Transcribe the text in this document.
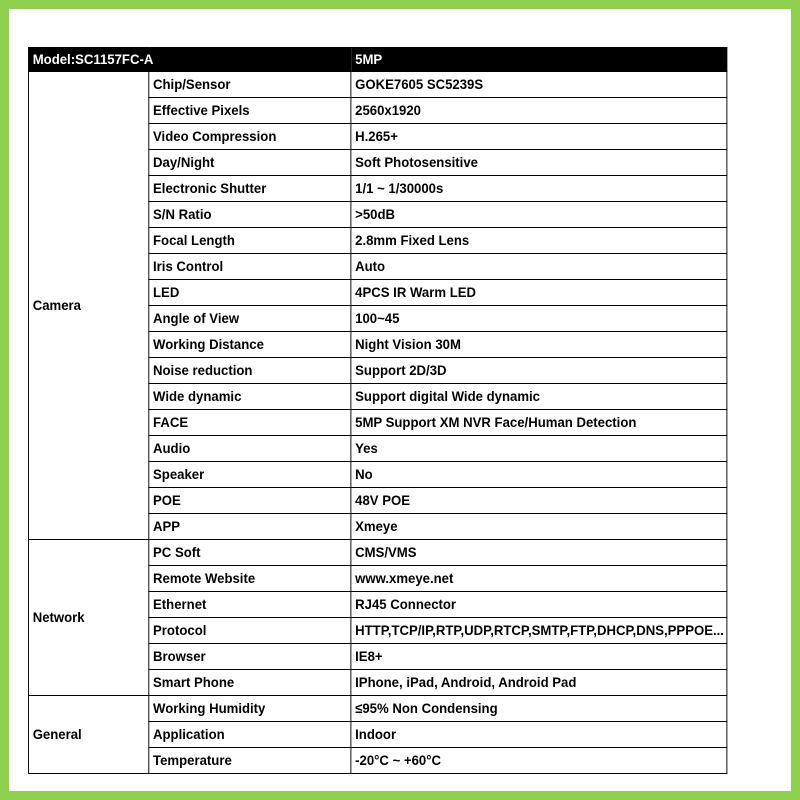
Model:SC1157FC-A		5MP
Camera	Chip/Sensor	GOKE7605 SC5239S
	Effective Pixels	2560x1920
	Video Compression	H.265+
	Day/Night	Soft Photosensitive
	Electronic Shutter	1/1 ~ 1/30000s
	S/N Ratio	>50dB
	Focal Length	2.8mm Fixed Lens
	Iris Control	Auto
	LED	4PCS IR Warm LED
	Angle of View	100~45
	Working Distance	Night Vision 30M
	Noise reduction	Support 2D/3D
	Wide dynamic	Support digital Wide dynamic
	FACE	5MP Support XM NVR Face/Human Detection
	Audio	Yes
	Speaker	No
	POE	48V POE
	APP	Xmeye
Network	PC Soft	CMS/VMS
	Remote Website	www.xmeye.net
	Ethernet	RJ45 Connector
	Protocol	HTTP,TCP/IP,RTP,UDP,RTCP,SMTP,FTP,DHCP,DNS,PPPOE...
	Browser	IE8+
	Smart Phone	IPhone, iPad, Android, Android Pad
General	Working Humidity	≤95% Non Condensing
	Application	Indoor
	Temperature	-20°C ~ +60°C
